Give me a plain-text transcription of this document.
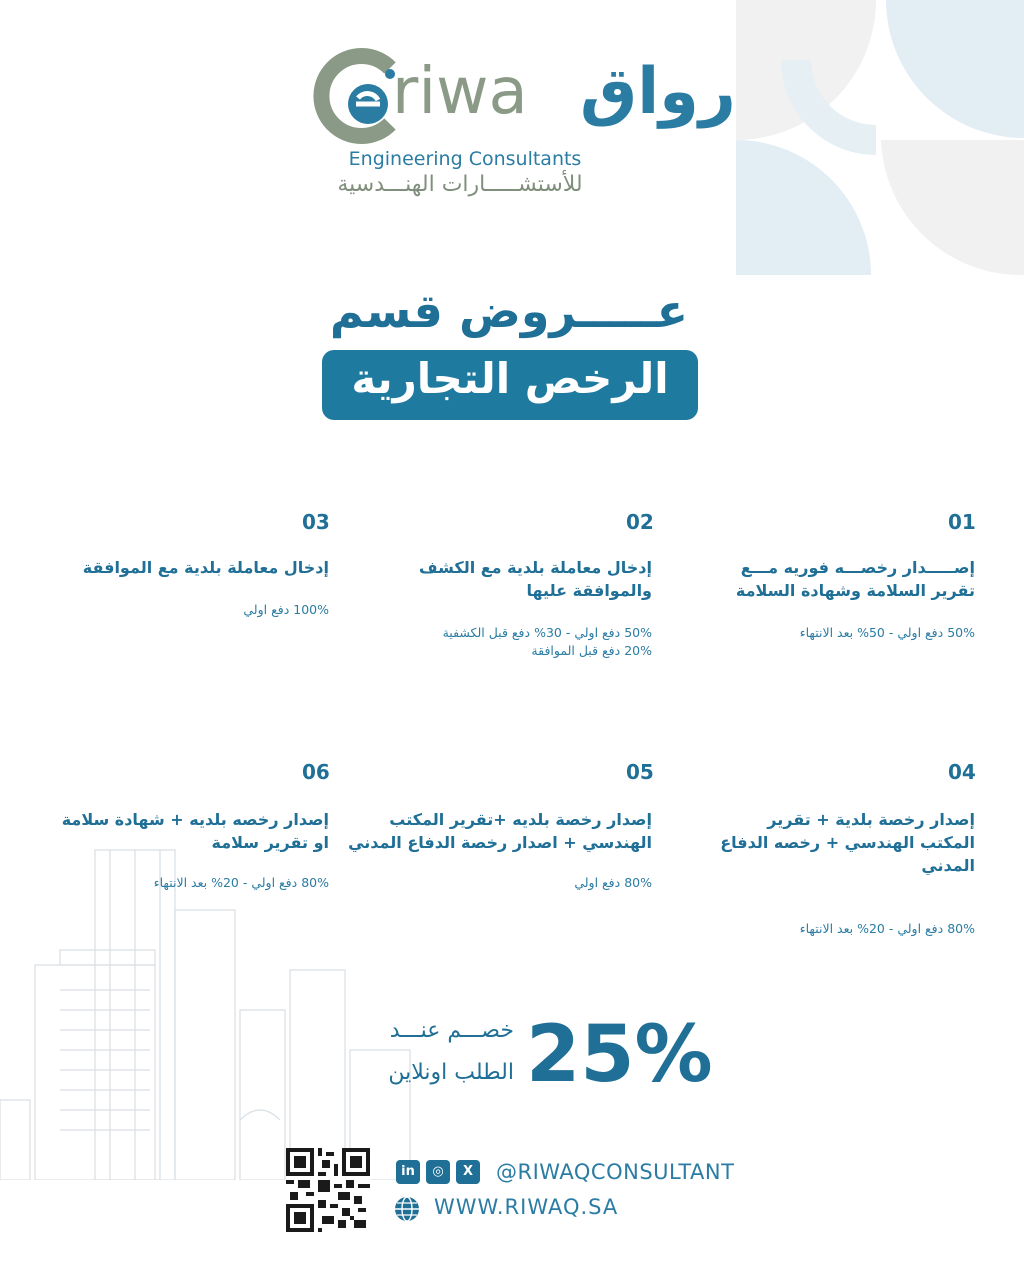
riwa رواق
Engineering Consultants
للأستشـــــارات الهنـــدسية
عـــــروض قسم
الرخص التجارية
01
إصـــــدار رخصـــه فوريه مـــع تقرير السلامة وشهادة السلامة
50% دفع اولي - 50% بعد الانتهاء
02
إدخال معاملة بلدية مع الكشف والموافقة عليها
50% دفع اولي - 30% دفع قبل الكشفية
20% دفع قبل الموافقة
03
إدخال معاملة بلدية مع الموافقة
100% دفع اولي
04
إصدار رخصة بلدية + تقرير المكتب الهندسي + رخصه الدفاع المدني
80% دفع اولي - 20% بعد الانتهاء
05
إصدار رخصة بلديه +تقرير المكتب الهندسي + اصدار رخصة الدفاع المدني
80% دفع اولي
06
إصدار رخصه بلديه + شهادة سلامة او تقرير سلامة
80% دفع اولي - 20% بعد الانتهاء
25%
خصـــم عنـــد
الطلب اونلاين
in	◎	X	@RIWAQCONSULTANT
WWW.RIWAQ.SA
